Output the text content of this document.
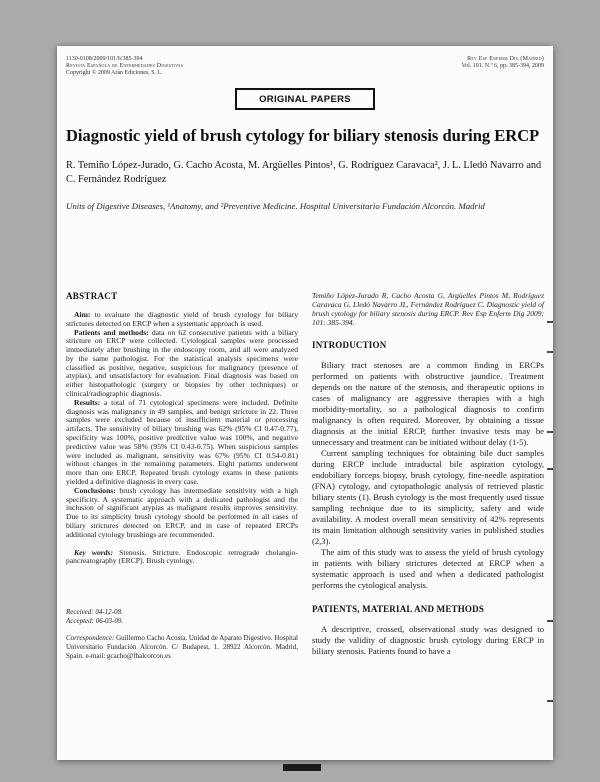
1130-0108/2009/101/6/385-394
Revista Española de Enfermedades Digestivas
Copyright © 2009 Arán Ediciones, S. L.
Rev Esp Enferm Dig (Madrid)
Vol. 101. N.º 6, pp. 385-394, 2009
ORIGINAL PAPERS
Diagnostic yield of brush cytology for biliary stenosis during ERCP
R. Temiño López-Jurado, G. Cacho Acosta, M. Argüelles Pintos¹, G. Rodríguez Caravaca², J. L. Lledó Navarro and C. Fernández Rodríguez
Units of Digestive Diseases, ¹Anatomy, and ²Preventive Medicine. Hospital Universitario Fundación Alcorcón. Madrid
ABSTRACT

Aim: to evaluate the diagnostic yield of brush cytology for biliary strictures detected on ERCP when a systematic approach is used.

Patients and methods: data on 62 consecutive patients with a biliary stricture on ERCP were collected. Cytological samples were processed immediately after brushing in the endoscopy room, and all were analyzed by the same pathologist. For the statistical analysis specimens were classified as positive, negative, suspicious for malignancy (presence of atypias), and unsatisfactory for evaluation. Final diagnosis was based on either histopathologic (surgery or biopsies by other techniques) or clinical/radiographic diagnosis.

Results: a total of 71 cytological specimens were included. Definite diagnosis was malignancy in 49 samples, and benign stricture in 22. Three samples were excluded because of insufficient material or processing artifacts. The sensitivity of biliary brushing was 62% (95% CI 0.47-0.77), specificity was 100%, positive predictive value was 100%, and negative predictive value was 58% (95% CI 0.43-0.75). When suspicious samples were included as malignant, sensitivity was 67% (95% CI 0.54-0.81) without changes in the remaining parameters. Eight patients underwent more than one ERCP. Repeated brush cytology exams in these patients yielded a definitive diagnosis in every case.

Conclusions: brush cytology has intermediate sensitivity with a high specificity. A systematic approach with a dedicated pathologist and the inclusion of significant atypias as malignant results improves sensitivity. Due to its simplicity brush cytology should be performed in all cases of biliary strictures detected on ERCP, and in case of repeated ERCPs additional cytology brushings are recommended.

Key words: Stenosis. Stricture. Endoscopic retrograde cholangio-pancreatography (ERCP). Brush cytology.

Received: 04-12-08.
Accepted: 06-03-09.

Correspondence: Guillermo Cacho Acosta. Unidad de Aparato Digestivo. Hospital Universitario Fundación Alcorcón. C/ Budapest, 1. 28922 Alcorcón. Madrid, Spain. e-mail: gcacho@fhalcorcon.es

Temiño López-Jurado R, Cacho Acosta G, Argüelles Pintos M, Rodríguez Caravaca G, Lledó Navarro JL, Fernández Rodríguez C. Diagnostic yield of brush cytology for biliary stenosis during ERCP. Rev Esp Enferm Dig 2009; 101: 385-394.

INTRODUCTION

Biliary tract stenoses are a common finding in ERCPs performed on patients with obstructive jaundice. Treatment depends on the nature of the stenosis, and therapeutic options in cases of malignancy are aggressive therapies with a high morbidity-mortality, so a pathological diagnosis to confirm malignancy is often required. Moreover, by obtaining a tissue diagnosis at the initial ERCP, further invasive tests may be unnecessary and treatment can be initiated without delay (1-5).

Current sampling techniques for obtaining bile duct samples during ERCP include intraductal bile aspiration cytology, endobiliary forceps biopsy, brush cytology, fine-needle aspiration (FNA) cytology, and cytopathologic analysis of retrieved plastic biliary stents (1). Brush cytology is the most frequently used tissue sampling technique due to its simplicity, safety and wide availability. A modest overall mean sensitivity of 42% represents its main limitation although sensitivity varies in published studies (2,3).

The aim of this study was to assess the yield of brush cytology in patients with biliary strictures detected at ERCP when a systematic approach is used and when a dedicated pathologist performs the cytological analysis.

PATIENTS, MATERIAL AND METHODS

A descriptive, crossed, observational study was designed to study the validity of diagnostic brush cytology during ERCP in biliary stenosis. Patients found to have a
